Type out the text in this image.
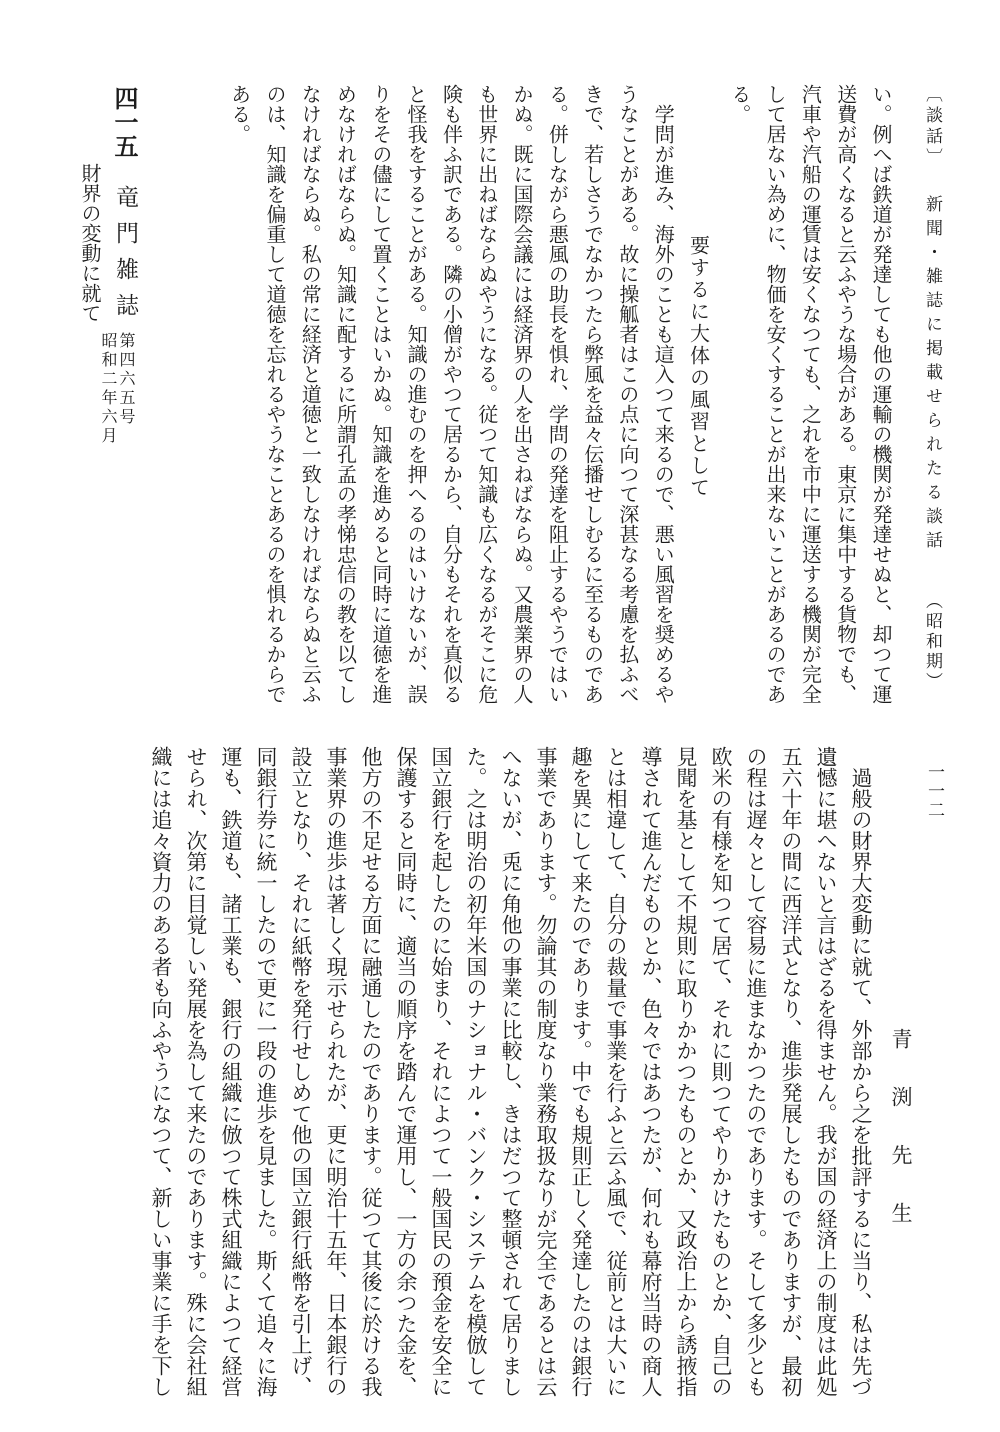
〔談話〕
新聞・雑誌に掲載せられたる談話
（昭和期）
一一二
い。例へば鉄道が発達しても他の運輸の機関が発達せぬと、却つて運
送費が高くなると云ふやうな場合がある。東京に集中する貨物でも、
汽車や汽船の運賃は安くなつても、之れを市中に運送する機関が完全
して居ない為めに、物価を安くすることが出来ないことがあるのであ
る。
要するに大体の風習として
学問が進み、海外のことも這入つて来るので、悪い風習を奨めるや
うなことがある。故に操觚者はこの点に向つて深甚なる考慮を払ふべ
きで、若しさうでなかつたら弊風を益々伝播せしむるに至るものであ
る。併しながら悪風の助長を惧れ、学問の発達を阻止するやうではい
かぬ。既に国際会議には経済界の人を出さねばならぬ。又農業界の人
も世界に出ねばならぬやうになる。従つて知識も広くなるがそこに危
険も伴ふ訳である。隣の小僧がやつて居るから、自分もそれを真似る
と怪我をすることがある。知識の進むのを押へるのはいけないが、誤
りをその儘にして置くことはいかぬ。知識を進めると同時に道徳を進
めなければならぬ。知識に配するに所謂孔孟の孝悌忠信の教を以てし
なければならぬ。私の常に経済と道徳と一致しなければならぬと云ふ
のは、知識を偏重して道徳を忘れるやうなことあるのを惧れるからで
ある。
四一五
竜門雑誌
第四六五号
昭和二年六月
財界の変動に就て
青渕先生
過般の財界大変動に就て、外部から之を批評するに当り、私は先づ
遺憾に堪へないと言はざるを得ません。我が国の経済上の制度は此処
五六十年の間に西洋式となり、進歩発展したものでありますが、最初
の程は遅々として容易に進まなかつたのであります。そして多少とも
欧米の有様を知つて居て、それに則つてやりかけたものとか、自己の
見聞を基として不規則に取りかかつたものとか、又政治上から誘掖指
導されて進んだものとか、色々ではあつたが、何れも幕府当時の商人
とは相違して、自分の裁量で事業を行ふと云ふ風で、従前とは大いに
趣を異にして来たのであります。中でも規則正しく発達したのは銀行
事業であります。勿論其の制度なり業務取扱なりが完全であるとは云
へないが、兎に角他の事業に比較し、きはだつて整頓されて居りまし
た。之は明治の初年米国のナショナル・バンク・システムを模倣して
国立銀行を起したのに始まり、それによつて一般国民の預金を安全に
保護すると同時に、適当の順序を踏んで運用し、一方の余つた金を、
他方の不足せる方面に融通したのであります。従つて其後に於ける我
事業界の進歩は著しく現示せられたが、更に明治十五年、日本銀行の
設立となり、それに紙幣を発行せしめて他の国立銀行紙幣を引上げ、
同銀行券に統一したので更に一段の進歩を見ました。斯くて追々に海
運も、鉄道も、諸工業も、銀行の組織に倣つて株式組織によつて経営
せられ、次第に目覚しい発展を為して来たのであります。殊に会社組
織には追々資力のある者も向ふやうになつて、新しい事業に手を下し
